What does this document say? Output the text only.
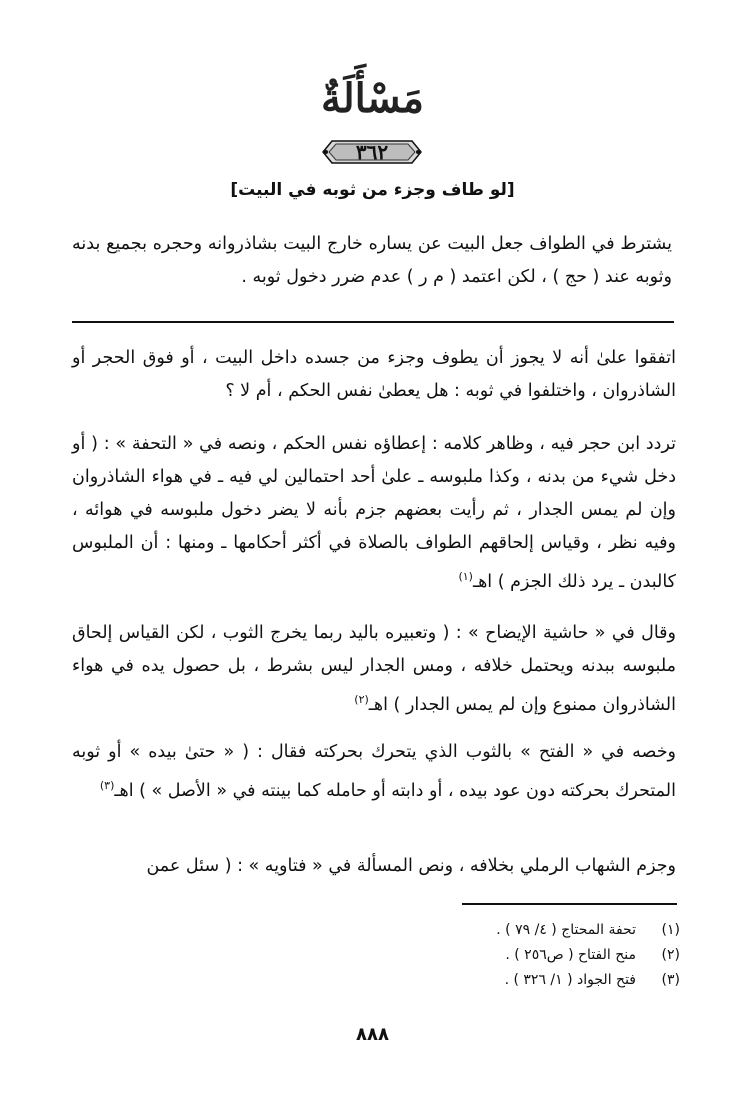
مَسْأَلَةٌ
٣٦٢
[لو طاف وجزء من ثوبه في البيت]
يشترط في الطواف جعل البيت عن يساره خارج البيت بشاذروانه وحجره بجميع بدنه وثوبه عند ( حج ) ، لكن اعتمد ( م ر ) عدم ضرر دخول ثوبه .
اتفقوا علىٰ أنه لا يجوز أن يطوف وجزء من جسده داخل البيت ، أو فوق الحجر أو الشاذروان ، واختلفوا في ثوبه : هل يعطىٰ نفس الحكم ، أم لا ؟
تردد ابن حجر فيه ، وظاهر كلامه : إعطاؤه نفس الحكم ، ونصه في « التحفة » : ( أو دخل شيء من بدنه ، وكذا ملبوسه ـ علىٰ أحد احتمالين لي فيه ـ في هواء الشاذروان وإن لم يمس الجدار ، ثم رأيت بعضهم جزم بأنه لا يضر دخول ملبوسه في هوائه ، وفيه نظر ، وقياس إلحاقهم الطواف بالصلاة في أكثر أحكامها ـ ومنها : أن الملبوس كالبدن ـ يرد ذلك الجزم ) اهـ$^{(١)}$
وقال في « حاشية الإيضاح » : ( وتعبيره باليد ربما يخرج الثوب ، لكن القياس إلحاق ملبوسه ببدنه ويحتمل خلافه ، ومس الجدار ليس بشرط ، بل حصول يده في هواء الشاذروان ممنوع وإن لم يمس الجدار ) اهـ$^{(٢)}$
وخصه في « الفتح » بالثوب الذي يتحرك بحركته فقال : ( « حتىٰ بيده » أو ثوبه المتحرك بحركته دون عود بيده ، أو دابته أو حامله كما بينته في « الأصل » ) اهـ$^{(٣)}$
وجزم الشهاب الرملي بخلافه ، ونص المسألة في « فتاويه » : ( سئل عمن
(١)
تحفة المحتاج ( ٤/ ٧٩ ) .
(٢)
منح الفتاح ( ص٢٥٦ ) .
(٣)
فتح الجواد ( ١/ ٣٢٦ ) .
٨٨٨
